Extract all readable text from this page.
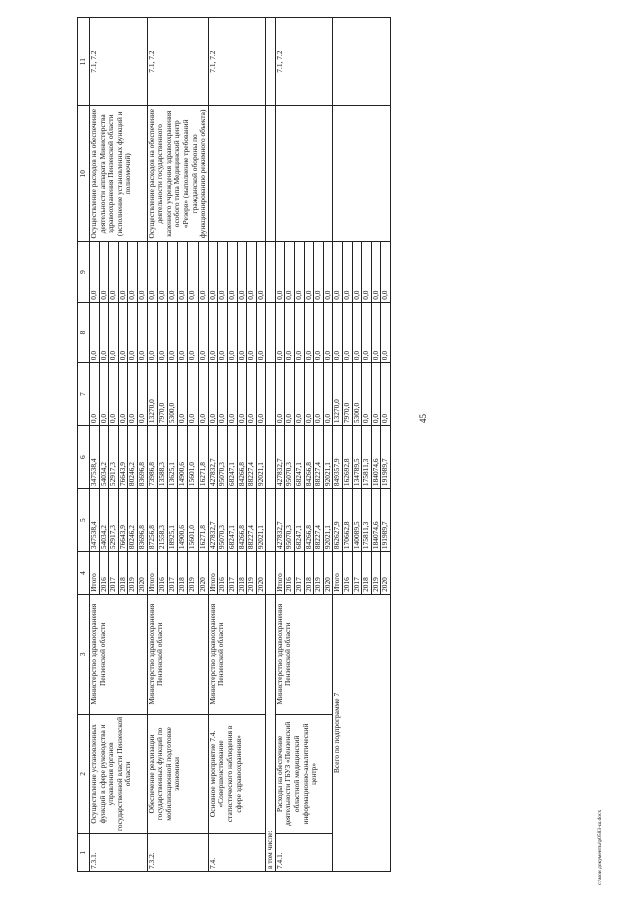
45
1	2	3	4	5	6	7	8	9	10	11
7.3.1.	Осуществление установленных функций в сфере руководства и управления органов государственной власти Пензенской области	Министерство здравоохранения Пензенской области	Итого	347538,4	347538,4	0,0	0,0	0,0	Осуществление расходов на обеспечение деятельности аппарата Министерства здравоохранения Пензенской области (исполнение установленных функций и полномочий)	7.1, 7.2
			2016	54034,2	54034,2	0,0	0,0	0,0		
			2017	52917,3	52917,3	0,0	0,0	0,0		
			2018	76643,9	76643,9	0,0	0,0	0,0		
			2019	80246,2	80246,2	0,0	0,0	0,0		
			2020	83696,8	83696,8	0,0	0,0	0,0		
7.3.2.	Обеспечение реализации государственных функций по мобилизационной подготовке экономики	Министерство здравоохранения Пензенской области	Итого	87256,8	73986,8	13270,0	0,0	0,0	Осуществление расходов на обеспечение деятельности государственного казенного учреждения здравоохранения особого типа Медицинский центр «Резерв» (выполнение требований гражданской обороны по функционированию режимного объекта)	7.1, 7.2
			2016	21558,3	13588,3	7970,0	0,0	0,0		
			2017	18925,1	13625,1	5300,0	0,0	0,0		
			2018	14900,6	14900,6	0,0	0,0	0,0		
			2019	15601,0	15601,0	0,0	0,0	0,0		
			2020	16271,8	16271,8	0,0	0,0	0,0		
7.4.	Основное мероприятие 7.4. «Совершенствование статистического наблюдения в сфере здравоохранения»	Министерство здравоохранения Пензенской области	Итого	427832,7	427832,7	0,0	0,0	0,0		7.1, 7.2
			2016	95070,3	95070,3	0,0	0,0	0,0		
			2017	68247,1	68247,1	0,0	0,0	0,0		
			2018	84266,8	84266,8	0,0	0,0	0,0		
			2019	88227,4	88227,4	0,0	0,0	0,0		
			2020	92021,1	92021,1	0,0	0,0	0,0		
в том числе:										
7.4.1.	Расходы на обеспечение деятельности ГБУЗ «Пензенский областной медицинский информационно-аналитический центр»	Министерство здравоохранения Пензенской области	Итого	427832,7	427832,7	0,0	0,0	0,0		7.1, 7.2
			2016	95070,3	95070,3	0,0	0,0	0,0		
			2017	68247,1	68247,1	0,0	0,0	0,0		
			2018	84266,8	84266,8	0,0	0,0	0,0		
			2019	88227,4	88227,4	0,0	0,0	0,0		
			2020	92021,1	92021,1	0,0	0,0	0,0		
Всего по подпрограмме 7			Итого	862627,9	849357,9	13270,0	0,0	0,0		
			2016	170662,8	162692,8	7970,0	0,0	0,0		
			2017	140089,5	134789,5	5300,0	0,0	0,0		
			2018	175811,3	175811,3	0,0	0,0	0,0		
			2019	184074,6	184074,6	0,0	0,0	0,0		
			2020	191989,7	191989,7	0,0	0,0	0,0		
c:\мои документы\р0583-ш.docx
